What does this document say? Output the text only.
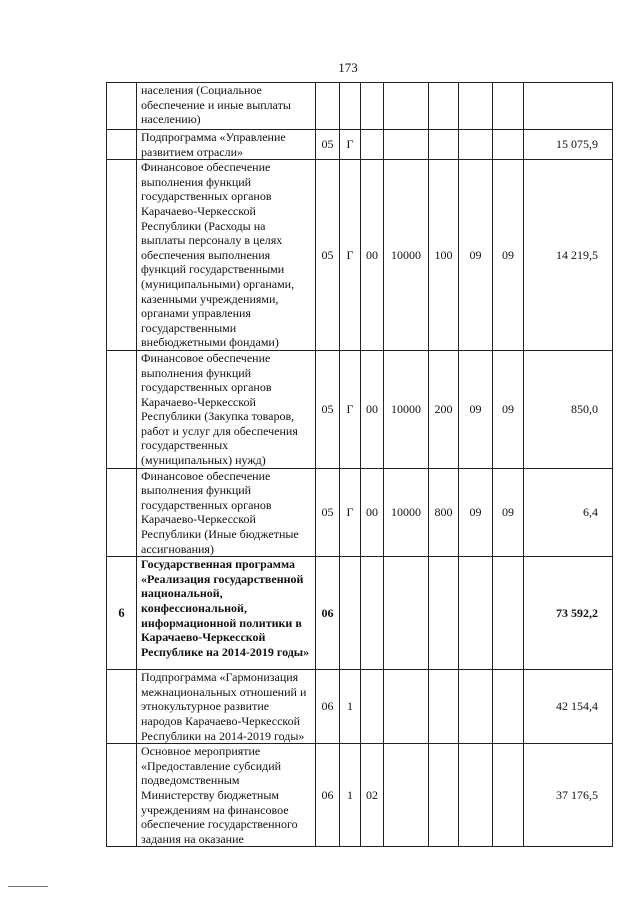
173
	населения (Социальное обеспечение и иные выплаты населению)								
	Подпрограмма «Управление развитием отрасли»	05	Г						15 075,9
	Финансовое обеспечение выполнения функций государственных органов Карачаево-Черкесской Республики (Расходы на выплаты персоналу в целях обеспечения выполнения функций государственными (муниципальными) органами, казенными учреждениями, органами управления государственными внебюджетными фондами)	05	Г	00	10000	100	09	09	14 219,5
	Финансовое обеспечение выполнения функций государственных органов Карачаево-Черкесской Республики (Закупка товаров, работ и услуг для обеспечения государственных (муниципальных) нужд)	05	Г	00	10000	200	09	09	850,0
	Финансовое обеспечение выполнения функций государственных органов Карачаево-Черкесской Республики (Иные бюджетные ассигнования)	05	Г	00	10000	800	09	09	6,4
6	Государственная программа «Реализация государственной национальной, конфессиональной, информационной политики в Карачаево-Черкесской Республике на 2014-2019 годы»	06							73 592,2
	Подпрограмма «Гармонизация межнациональных отношений и этнокультурное развитие народов Карачаево-Черкесской Республики на 2014-2019 годы»	06	1						42 154,4
	Основное мероприятие «Предоставление субсидий подведомственным Министерству бюджетным учреждениям на финансовое обеспечение государственного задания на оказание	06	1	02					37 176,5
